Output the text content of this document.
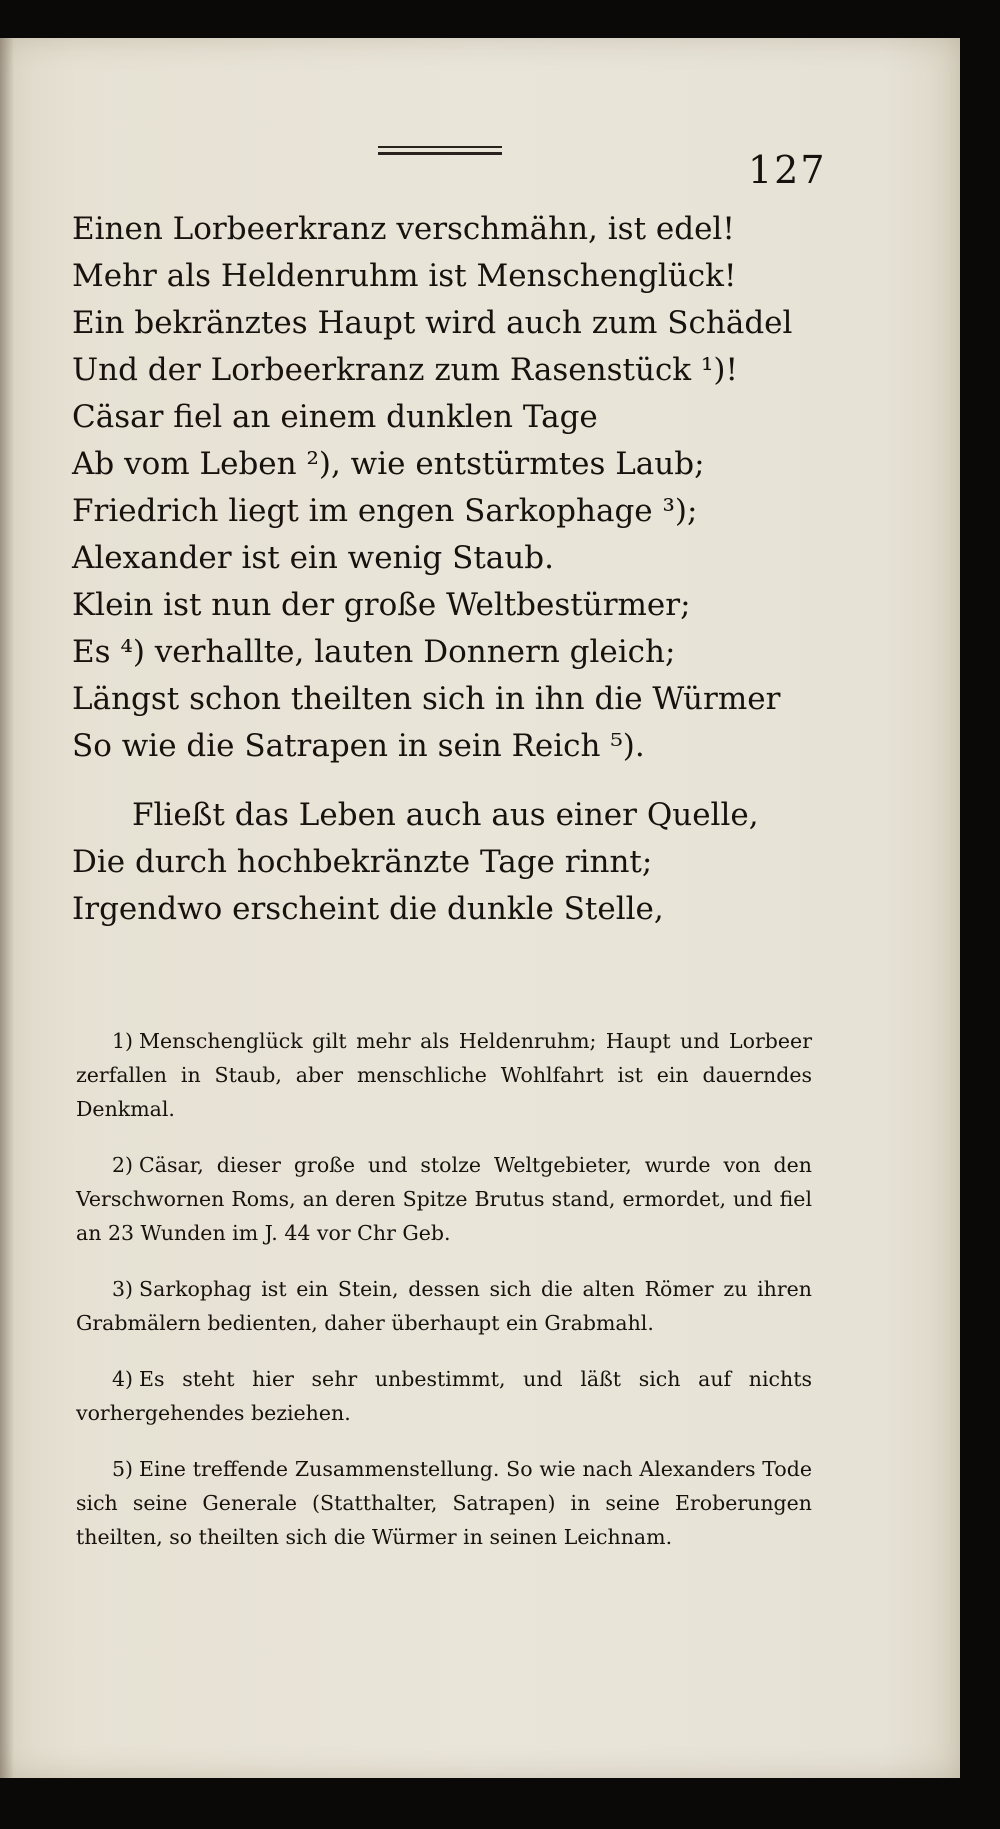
127
Einen Lorbeerkranz verschmähn, ist edel!
Mehr als Heldenruhm ist Menschenglück!
Ein bekränztes Haupt wird auch zum Schädel
Und der Lorbeerkranz zum Rasenstück ¹)!
Cäsar fiel an einem dunklen Tage
Ab vom Leben ²), wie entstürmtes Laub;
Friedrich liegt im engen Sarkophage ³);
Alexander ist ein wenig Staub.
Klein ist nun der große Weltbestürmer;
Es ⁴) verhallte, lauten Donnern gleich;
Längst schon theilten sich in ihn die Würmer
So wie die Satrapen in sein Reich ⁵).
Fließt das Leben auch aus einer Quelle,
Die durch hochbekränzte Tage rinnt;
Irgendwo erscheint die dunkle Stelle,

1) Menschenglück gilt mehr als Heldenruhm; Haupt und Lorbeer zerfallen in Staub, aber menschliche Wohlfahrt ist ein dauerndes Denkmal.

2) Cäsar, dieser große und stolze Weltgebieter, wurde von den Verschwornen Roms, an deren Spitze Brutus stand, ermordet, und fiel an 23 Wunden im J. 44 vor Chr Geb.

3) Sarkophag ist ein Stein, dessen sich die alten Römer zu ihren Grabmälern bedienten, daher überhaupt ein Grabmahl.

4) Es steht hier sehr unbestimmt, und läßt sich auf nichts vorhergehendes beziehen.

5) Eine treffende Zusammenstellung. So wie nach Alexanders Tode sich seine Generale (Statthalter, Satrapen) in seine Eroberungen theilten, so theilten sich die Würmer in seinen Leichnam.
